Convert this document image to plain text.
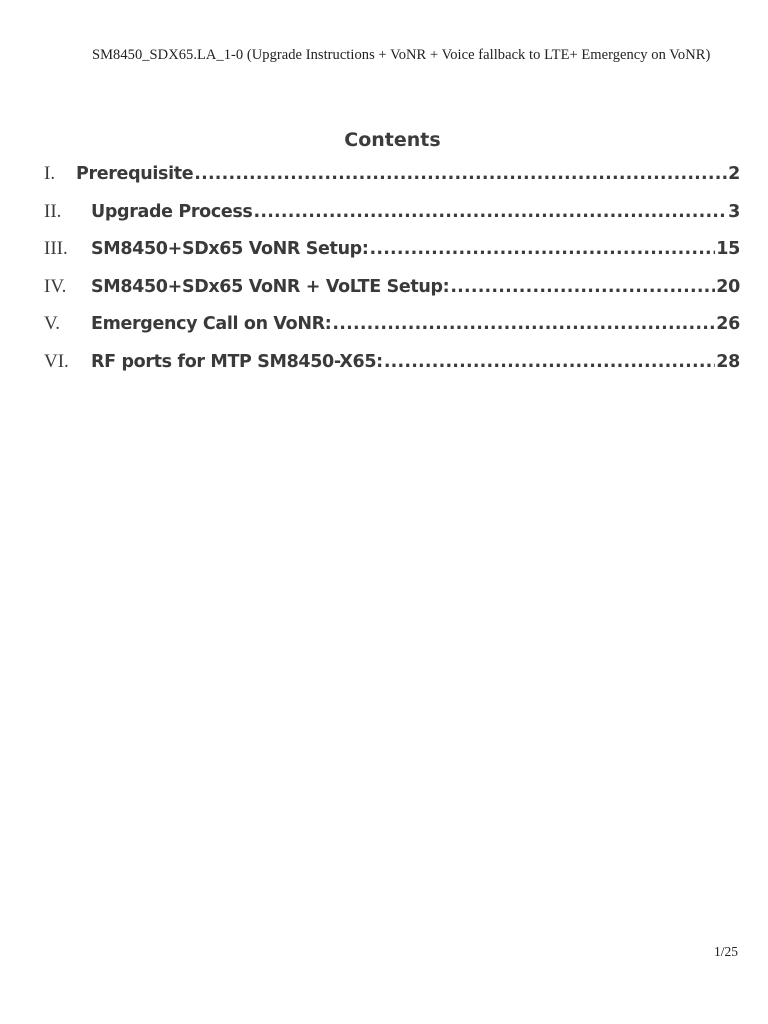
SM8450_SDX65.LA_1-0 (Upgrade Instructions + VoNR + Voice fallback to LTE+ Emergency on VoNR)
Contents
I.	Prerequisite .....	2
II.	Upgrade Process .....	3
III.	SM8450+SDx65 VoNR Setup: .....	15
IV.	SM8450+SDx65 VoNR + VoLTE Setup: .....	20
V.	Emergency Call on VoNR: .....	26
VI.	RF ports for MTP SM8450-X65: .....	28
1/25
